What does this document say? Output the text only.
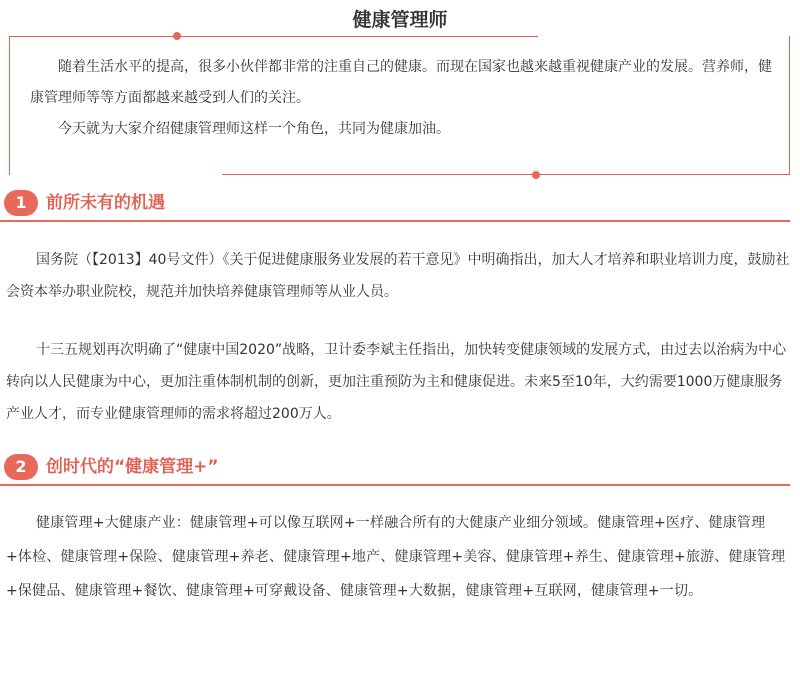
健康管理师

随着生活水平的提高，很多小伙伴都非常的注重自己的健康。而现在国家也越来越重视健康产业的发展。营养师，健康管理师等等方面都越来越受到人们的关注。

今天就为大家介绍健康管理师这样一个角色，共同为健康加油。

1	前所未有的机遇

国务院（【2013】40号文件）《关于促进健康服务业发展的若干意见》中明确指出，加大人才培养和职业培训力度，鼓励社会资本举办职业院校，规范并加快培养健康管理师等从业人员。

十三五规划再次明确了“健康中国2020”战略，卫计委李斌主任指出，加快转变健康领域的发展方式，由过去以治病为中心转向以人民健康为中心，更加注重体制机制的创新，更加注重预防为主和健康促进。未来5至10年，大约需要1000万健康服务产业人才，而专业健康管理师的需求将超过200万人。

2	创时代的“健康管理+”

健康管理+大健康产业：健康管理+可以像互联网+一样融合所有的大健康产业细分领域。健康管理+医疗、健康管理+体检、健康管理+保险、健康管理+养老、健康管理+地产、健康管理+美容、健康管理+养生、健康管理+旅游、健康管理+保健品、健康管理+餐饮、健康管理+可穿戴设备、健康管理+大数据，健康管理+互联网，健康管理+一切。
